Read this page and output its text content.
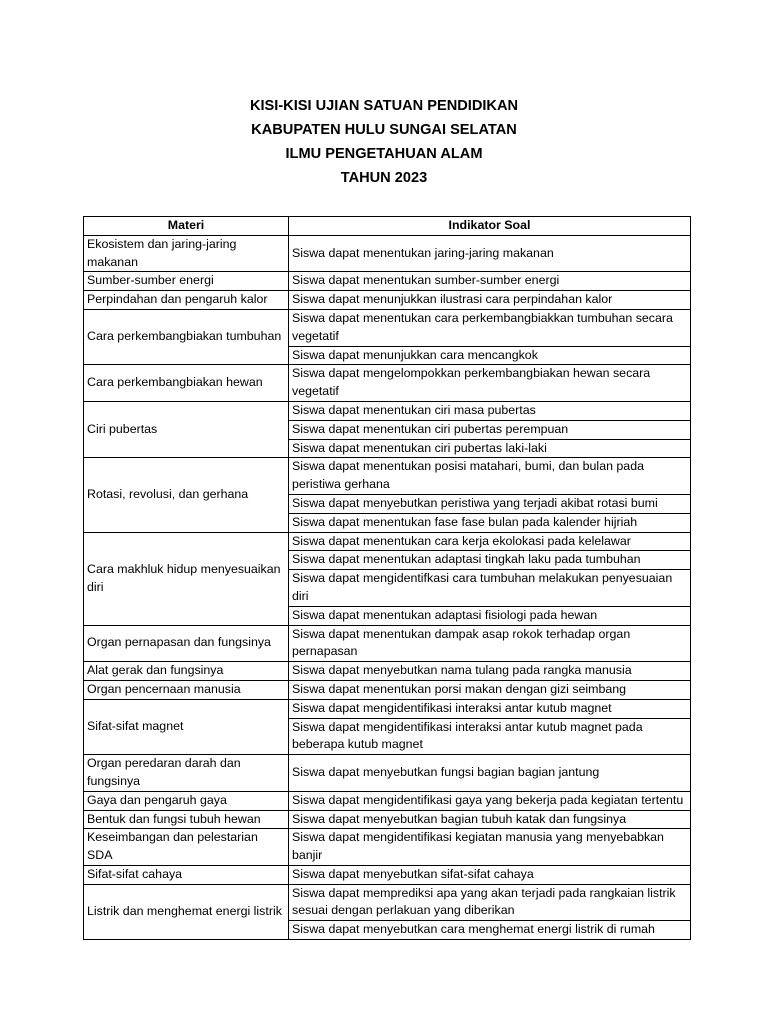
KISI-KISI UJIAN SATUAN PENDIDIKAN
KABUPATEN HULU SUNGAI SELATAN
ILMU PENGETAHUAN ALAM
TAHUN 2023
Materi	Indikator Soal
Ekosistem dan jaring-jaring makanan	Siswa dapat menentukan jaring-jaring makanan
Sumber-sumber energi	Siswa dapat menentukan sumber-sumber energi
Perpindahan dan pengaruh kalor	Siswa dapat menunjukkan ilustrasi cara perpindahan kalor
Cara perkembangbiakan tumbuhan	Siswa dapat menentukan cara perkembangbiakkan tumbuhan secara vegetatif
	Siswa dapat menunjukkan cara mencangkok
Cara perkembangbiakan hewan	Siswa dapat mengelompokkan perkembangbiakan hewan secara vegetatif
Ciri pubertas	Siswa dapat menentukan ciri masa pubertas
	Siswa dapat menentukan ciri pubertas perempuan
	Siswa dapat menentukan ciri pubertas laki-laki
Rotasi, revolusi, dan gerhana	Siswa dapat menentukan posisi matahari, bumi, dan bulan pada peristiwa gerhana
	Siswa dapat menyebutkan peristiwa yang terjadi akibat rotasi bumi
	Siswa dapat menentukan fase fase bulan pada kalender hijriah
Cara makhluk hidup menyesuaikan diri	Siswa dapat menentukan cara kerja ekolokasi pada kelelawar
	Siswa dapat menentukan adaptasi tingkah laku pada tumbuhan
	Siswa dapat mengidentifkasi cara tumbuhan melakukan penyesuaian diri
	Siswa dapat menentukan adaptasi fisiologi pada hewan
Organ pernapasan dan fungsinya	Siswa dapat menentukan dampak asap rokok terhadap organ pernapasan
Alat gerak dan fungsinya	Siswa dapat menyebutkan nama tulang pada rangka manusia
Organ pencernaan manusia	Siswa dapat menentukan porsi makan dengan gizi seimbang
Sifat-sifat magnet	Siswa dapat mengidentifikasi interaksi antar kutub magnet
	Siswa dapat mengidentifikasi interaksi antar kutub magnet pada beberapa kutub magnet
Organ peredaran darah dan fungsinya	Siswa dapat menyebutkan fungsi bagian bagian jantung
Gaya dan pengaruh gaya	Siswa dapat mengidentifikasi gaya yang bekerja pada kegiatan tertentu
Bentuk dan fungsi tubuh hewan	Siswa dapat menyebutkan bagian tubuh katak dan fungsinya
Keseimbangan dan pelestarian SDA	Siswa dapat mengidentifikasi kegiatan manusia yang menyebabkan banjir
Sifat-sifat cahaya	Siswa dapat menyebutkan sifat-sifat cahaya
Listrik dan menghemat energi listrik	Siswa dapat memprediksi apa yang akan terjadi pada rangkaian listrik sesuai dengan perlakuan yang diberikan
	Siswa dapat menyebutkan cara menghemat energi listrik di rumah
